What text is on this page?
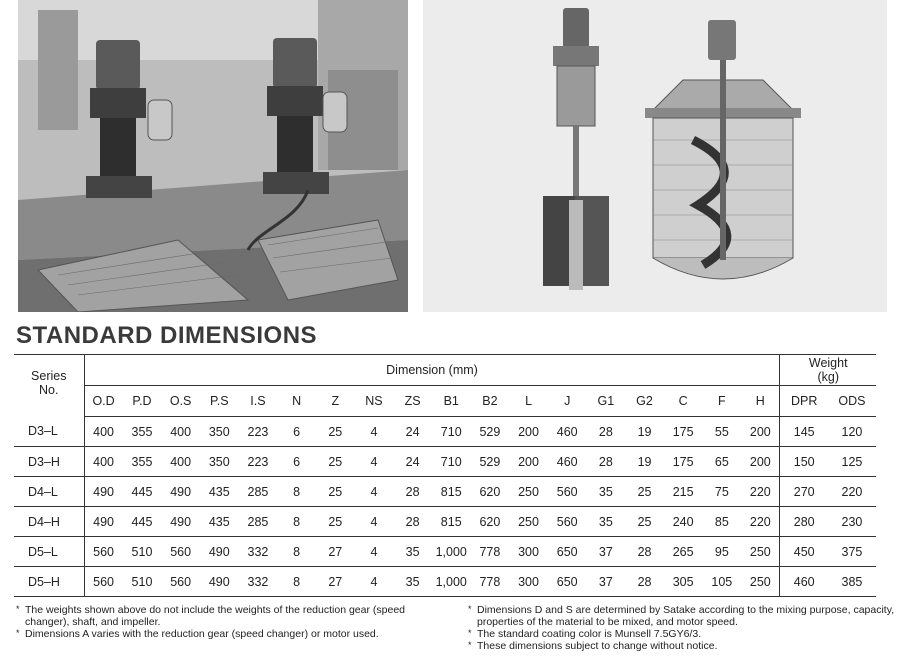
STANDARD DIMENSIONS
Series
No.	Dimension (mm)																		Weight
(kg)	
	O.D	P.D	O.S	P.S	I.S	N	Z	NS	ZS	B1	B2	L	J	G1	G2	C	F	H	DPR	ODS
D3–L	400	355	400	350	223	6	25	4	24	710	529	200	460	28	19	175	55	200	145	120
D3–H	400	355	400	350	223	6	25	4	24	710	529	200	460	28	19	175	65	200	150	125
D4–L	490	445	490	435	285	8	25	4	28	815	620	250	560	35	25	215	75	220	270	220
D4–H	490	445	490	435	285	8	25	4	28	815	620	250	560	35	25	240	85	220	280	230
D5–L	560	510	560	490	332	8	27	4	35	1,000	778	300	650	37	28	265	95	250	450	375
D5–H	560	510	560	490	332	8	27	4	35	1,000	778	300	650	37	28	305	105	250	460	385
* The weights shown above do not include the weights of the reduction gear (speed changer), shaft, and impeller.
* Dimensions A varies with the reduction gear (speed changer) or motor used.
* Dimensions D and S are determined by Satake according to the mixing purpose, capacity, properties of the material to be mixed, and motor speed.
* The standard coating color is Munsell 7.5GY6/3.
* These dimensions subject to change without notice.
